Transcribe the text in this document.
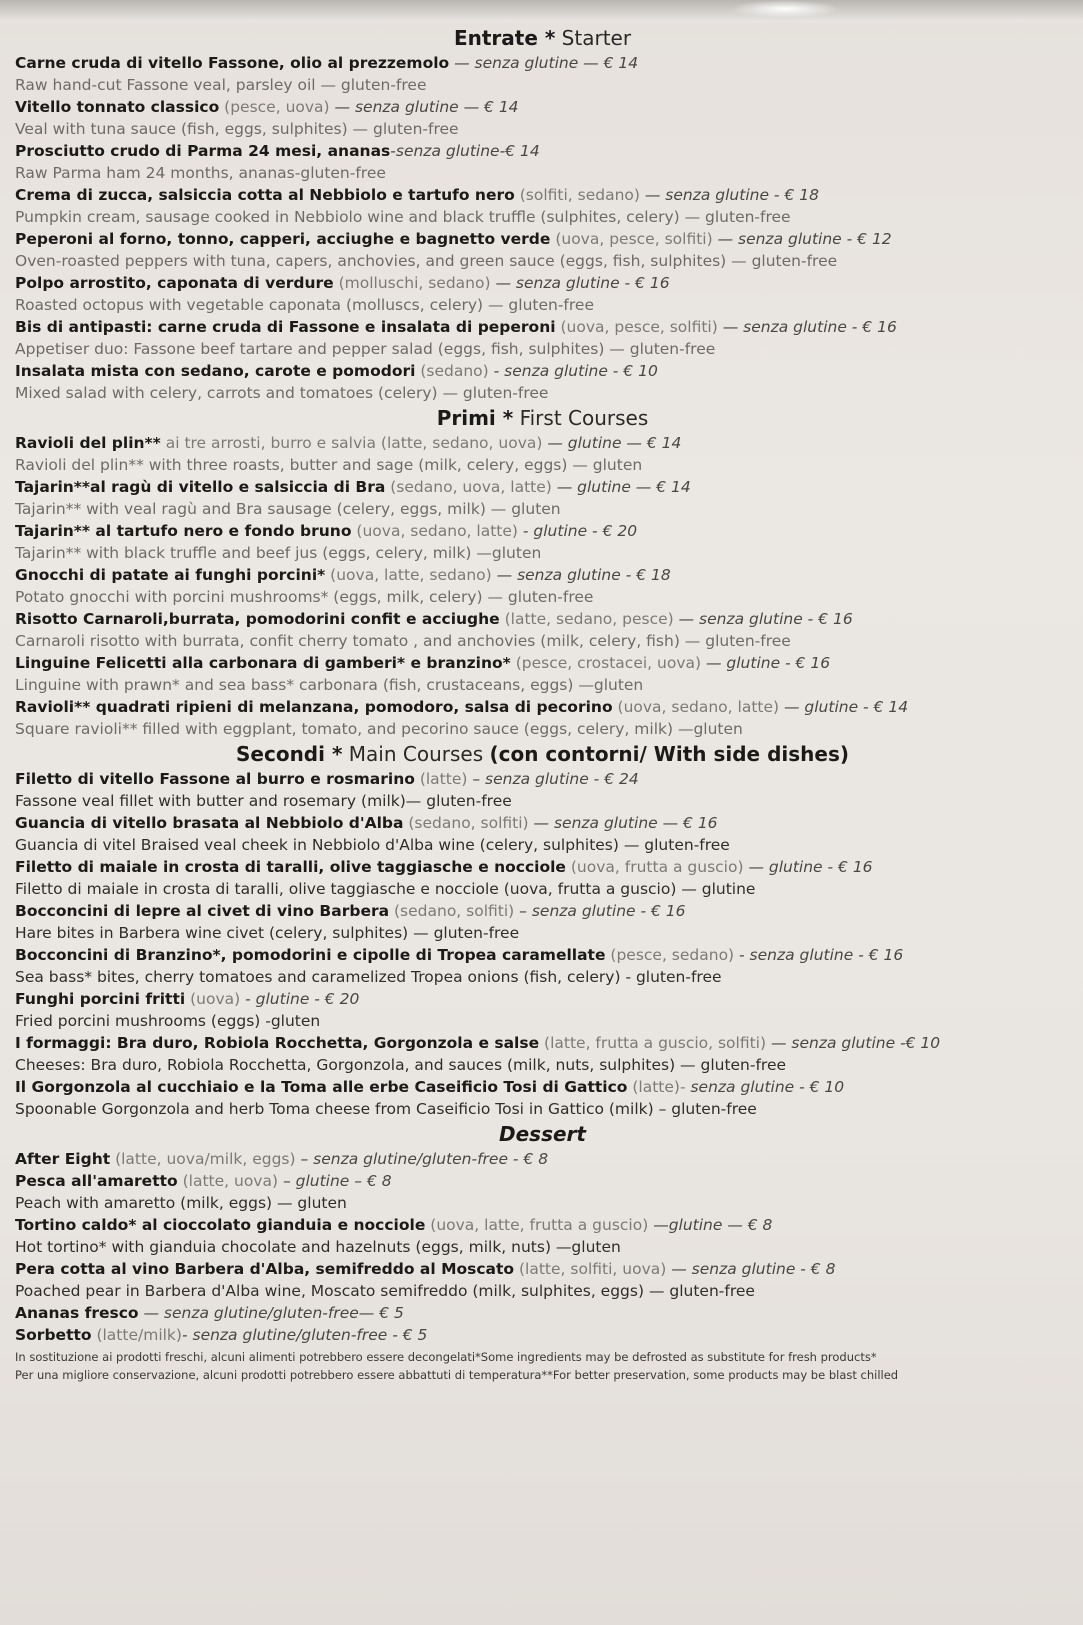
Entrate * Starter
Carne cruda di vitello Fassone, olio al prezzemolo — senza glutine — € 14
Raw hand-cut Fassone veal, parsley oil — gluten-free
Vitello tonnato classico (pesce, uova) — senza glutine — € 14
Veal with tuna sauce (fish, eggs, sulphites) — gluten-free
Prosciutto crudo di Parma 24 mesi, ananas-senza glutine-€ 14
Raw Parma ham 24 months, ananas-gluten-free
Crema di zucca, salsiccia cotta al Nebbiolo e tartufo nero (solfiti, sedano) — senza glutine - € 18
Pumpkin cream, sausage cooked in Nebbiolo wine and black truffle (sulphites, celery) — gluten-free
Peperoni al forno, tonno, capperi, acciughe e bagnetto verde (uova, pesce, solfiti) — senza glutine - € 12
Oven-roasted peppers with tuna, capers, anchovies, and green sauce (eggs, fish, sulphites) — gluten-free
Polpo arrostito, caponata di verdure (molluschi, sedano) — senza glutine - € 16
Roasted octopus with vegetable caponata (molluscs, celery) — gluten-free
Bis di antipasti: carne cruda di Fassone e insalata di peperoni (uova, pesce, solfiti) — senza glutine - € 16
Appetiser duo: Fassone beef tartare and pepper salad (eggs, fish, sulphites) — gluten-free
Insalata mista con sedano, carote e pomodori (sedano) - senza glutine - € 10
Mixed salad with celery, carrots and tomatoes (celery) — gluten-free
Primi * First Courses
Ravioli del plin** ai tre arrosti, burro e salvia (latte, sedano, uova) — glutine — € 14
Ravioli del plin** with three roasts, butter and sage (milk, celery, eggs) — gluten
Tajarin**al ragù di vitello e salsiccia di Bra (sedano, uova, latte) — glutine — € 14
Tajarin** with veal ragù and Bra sausage (celery, eggs, milk) — gluten
Tajarin** al tartufo nero e fondo bruno (uova, sedano, latte) - glutine - € 20
Tajarin** with black truffle and beef jus (eggs, celery, milk) —gluten
Gnocchi di patate ai funghi porcini* (uova, latte, sedano) — senza glutine - € 18
Potato gnocchi with porcini mushrooms* (eggs, milk, celery) — gluten-free
Risotto Carnaroli,burrata, pomodorini confit e acciughe (latte, sedano, pesce) — senza glutine - € 16
Carnaroli risotto with burrata, confit cherry tomato , and anchovies (milk, celery, fish) — gluten-free
Linguine Felicetti alla carbonara di gamberi* e branzino* (pesce, crostacei, uova) — glutine - € 16
Linguine with prawn* and sea bass* carbonara (fish, crustaceans, eggs) —gluten
Ravioli** quadrati ripieni di melanzana, pomodoro, salsa di pecorino (uova, sedano, latte) — glutine - € 14
Square ravioli** filled with eggplant, tomato, and pecorino sauce (eggs, celery, milk) —gluten
Secondi * Main Courses (con contorni/ With side dishes)
Filetto di vitello Fassone al burro e rosmarino (latte) – senza glutine - € 24
Fassone veal fillet with butter and rosemary (milk)— gluten-free
Guancia di vitello brasata al Nebbiolo d'Alba (sedano, solfiti) — senza glutine — € 16
Guancia di vitel Braised veal cheek in Nebbiolo d'Alba wine (celery, sulphites) — gluten-free
Filetto di maiale in crosta di taralli, olive taggiasche e nocciole (uova, frutta a guscio) — glutine - € 16
Filetto di maiale in crosta di taralli, olive taggiasche e nocciole (uova, frutta a guscio) — glutine
Bocconcini di lepre al civet di vino Barbera (sedano, solfiti) – senza glutine - € 16
Hare bites in Barbera wine civet (celery, sulphites) — gluten-free
Bocconcini di Branzino*, pomodorini e cipolle di Tropea caramellate (pesce, sedano) - senza glutine - € 16
Sea bass* bites, cherry tomatoes and caramelized Tropea onions (fish, celery) - gluten-free
Funghi porcini fritti (uova) - glutine - € 20
Fried porcini mushrooms (eggs) -gluten
I formaggi: Bra duro, Robiola Rocchetta, Gorgonzola e salse (latte, frutta a guscio, solfiti) — senza glutine -€ 10
Cheeses: Bra duro, Robiola Rocchetta, Gorgonzola, and sauces (milk, nuts, sulphites) — gluten-free
Il Gorgonzola al cucchiaio e la Toma alle erbe Caseificio Tosi di Gattico (latte)- senza glutine - € 10
Spoonable Gorgonzola and herb Toma cheese from Caseificio Tosi in Gattico (milk) – gluten-free
Dessert
After Eight (latte, uova/milk, eggs) – senza glutine/gluten-free - € 8
Pesca all'amaretto (latte, uova) – glutine – € 8
Peach with amaretto (milk, eggs) — gluten
Tortino caldo* al cioccolato gianduia e nocciole (uova, latte, frutta a guscio) —glutine — € 8
Hot tortino* with gianduia chocolate and hazelnuts (eggs, milk, nuts) —gluten
Pera cotta al vino Barbera d'Alba, semifreddo al Moscato (latte, solfiti, uova) — senza glutine - € 8
Poached pear in Barbera d'Alba wine, Moscato semifreddo (milk, sulphites, eggs) — gluten-free
Ananas fresco — senza glutine/gluten-free— € 5
Sorbetto (latte/milk)- senza glutine/gluten-free - € 5
In sostituzione ai prodotti freschi, alcuni alimenti potrebbero essere decongelati*Some ingredients may be defrosted as substitute for fresh products*
Per una migliore conservazione, alcuni prodotti potrebbero essere abbattuti di temperatura**For better preservation, some products may be blast chilled
